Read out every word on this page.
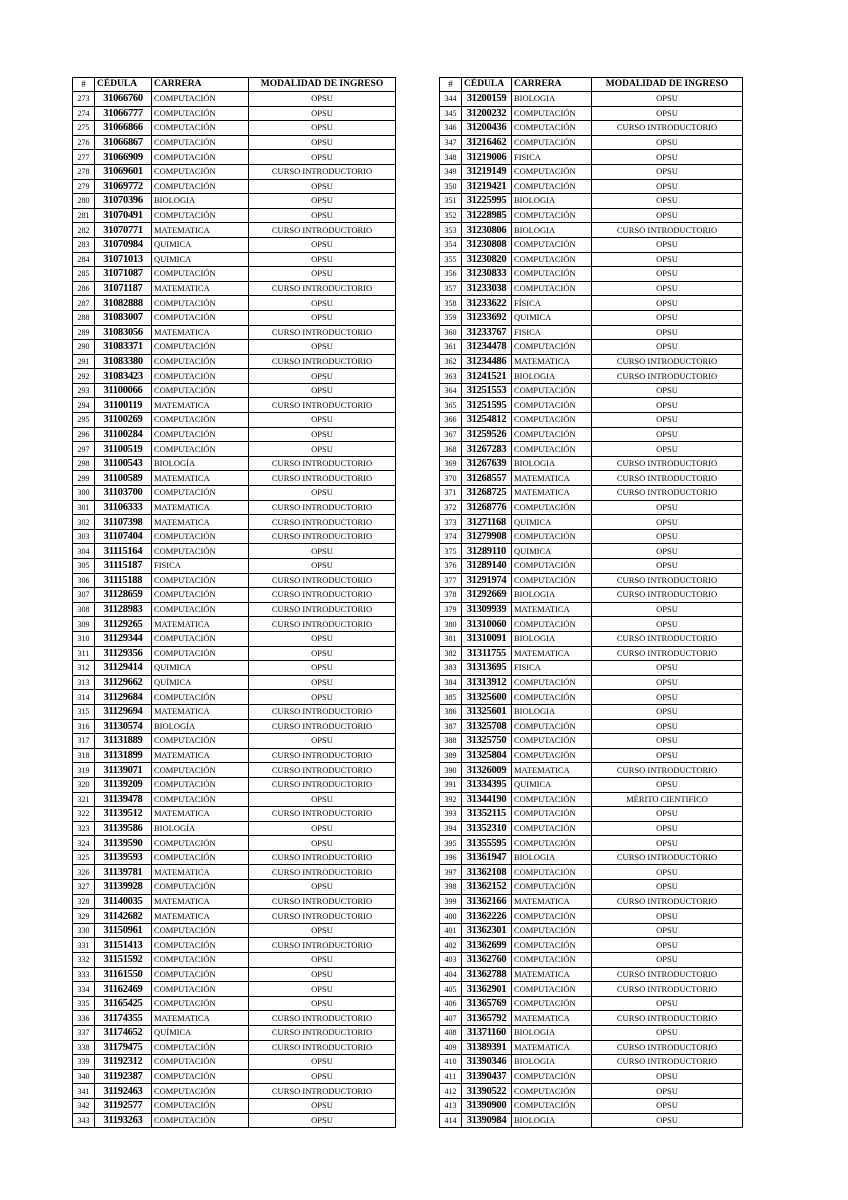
#	CÉDULA	CARRERA	MODALIDAD DE INGRESO
273	31066760	COMPUTACIÓN	OPSU
274	31066777	COMPUTACIÓN	OPSU
275	31066866	COMPUTACIÓN	OPSU
276	31066867	COMPUTACIÓN	OPSU
277	31066909	COMPUTACIÓN	OPSU
278	31069601	COMPUTACIÓN	CURSO INTRODUCTORIO
279	31069772	COMPUTACIÓN	OPSU
280	31070396	BIOLOGIA	OPSU
281	31070491	COMPUTACIÓN	OPSU
282	31070771	MATEMATICA	CURSO INTRODUCTORIO
283	31070984	QUIMICA	OPSU
284	31071013	QUIMICA	OPSU
285	31071087	COMPUTACIÓN	OPSU
286	31071187	MATEMATICA	CURSO INTRODUCTORIO
287	31082888	COMPUTACIÓN	OPSU
288	31083007	COMPUTACIÓN	OPSU
289	31083056	MATEMATICA	CURSO INTRODUCTORIO
290	31083371	COMPUTACIÓN	OPSU
291	31083380	COMPUTACIÓN	CURSO INTRODUCTORIO
292	31083423	COMPUTACIÓN	OPSU
293	31100066	COMPUTACIÓN	OPSU
294	31100119	MATEMATICA	CURSO INTRODUCTORIO
295	31100269	COMPUTACIÓN	OPSU
296	31100284	COMPUTACIÓN	OPSU
297	31100519	COMPUTACIÓN	OPSU
298	31100543	BIOLOGÍA	CURSO INTRODUCTORIO
299	31100589	MATEMATICA	CURSO INTRODUCTORIO
300	31103700	COMPUTACIÓN	OPSU
301	31106333	MATEMATICA	CURSO INTRODUCTORIO
302	31107398	MATEMATICA	CURSO INTRODUCTORIO
303	31107404	COMPUTACIÓN	CURSO INTRODUCTORIO
304	31115164	COMPUTACIÓN	OPSU
305	31115187	FISICA	OPSU
306	31115188	COMPUTACIÓN	CURSO INTRODUCTORIO
307	31128659	COMPUTACIÓN	CURSO INTRODUCTORIO
308	31128983	COMPUTACIÓN	CURSO INTRODUCTORIO
309	31129265	MATEMATICA	CURSO INTRODUCTORIO
310	31129344	COMPUTACIÓN	OPSU
311	31129356	COMPUTACIÓN	OPSU
312	31129414	QUIMICA	OPSU
313	31129662	QUÍMICA	OPSU
314	31129684	COMPUTACIÓN	OPSU
315	31129694	MATEMATICA	CURSO INTRODUCTORIO
316	31130574	BIOLOGÍA	CURSO INTRODUCTORIO
317	31131889	COMPUTACIÓN	OPSU
318	31131899	MATEMATICA	CURSO INTRODUCTORIO
319	31139071	COMPUTACIÓN	CURSO INTRODUCTORIO
320	31139209	COMPUTACIÓN	CURSO INTRODUCTORIO
321	31139478	COMPUTACIÓN	OPSU
322	31139512	MATEMATICA	CURSO INTRODUCTORIO
323	31139586	BIOLOGÍA	OPSU
324	31139590	COMPUTACIÓN	OPSU
325	31139593	COMPUTACIÓN	CURSO INTRODUCTORIO
326	31139781	MATEMATICA	CURSO INTRODUCTORIO
327	31139928	COMPUTACIÓN	OPSU
328	31140035	MATEMATICA	CURSO INTRODUCTORIO
329	31142682	MATEMATICA	CURSO INTRODUCTORIO
330	31150961	COMPUTACIÓN	OPSU
331	31151413	COMPUTACIÓN	CURSO INTRODUCTORIO
332	31151592	COMPUTACIÓN	OPSU
333	31161550	COMPUTACIÓN	OPSU
334	31162469	COMPUTACIÓN	OPSU
335	31165425	COMPUTACIÓN	OPSU
336	31174355	MATEMATICA	CURSO INTRODUCTORIO
337	31174652	QUÍMICA	CURSO INTRODUCTORIO
338	31179475	COMPUTACIÓN	CURSO INTRODUCTORIO
339	31192312	COMPUTACIÓN	OPSU
340	31192387	COMPUTACIÓN	OPSU
341	31192463	COMPUTACIÓN	CURSO INTRODUCTORIO
342	31192577	COMPUTACIÓN	OPSU
343	31193263	COMPUTACIÓN	OPSU
#	CÉDULA	CARRERA	MODALIDAD DE INGRESO
344	31200159	BIOLOGIA	OPSU
345	31200232	COMPUTACIÓN	OPSU
346	31200436	COMPUTACIÓN	CURSO INTRODUCTORIO
347	31216462	COMPUTACIÓN	OPSU
348	31219006	FISICA	OPSU
349	31219149	COMPUTACIÓN	OPSU
350	31219421	COMPUTACIÓN	OPSU
351	31225995	BIOLOGIA	OPSU
352	31228985	COMPUTACIÓN	OPSU
353	31230806	BIOLOGIA	CURSO INTRODUCTORIO
354	31230808	COMPUTACIÓN	OPSU
355	31230820	COMPUTACIÓN	OPSU
356	31230833	COMPUTACIÓN	OPSU
357	31233038	COMPUTACIÓN	OPSU
358	31233622	FÍSICA	OPSU
359	31233692	QUIMICA	OPSU
360	31233767	FISICA	OPSU
361	31234478	COMPUTACIÓN	OPSU
362	31234486	MATEMATICA	CURSO INTRODUCTORIO
363	31241521	BIOLOGIA	CURSO INTRODUCTORIO
364	31251553	COMPUTACIÓN	OPSU
365	31251595	COMPUTACIÓN	OPSU
366	31254812	COMPUTACIÓN	OPSU
367	31259526	COMPUTACIÓN	OPSU
368	31267283	COMPUTACIÓN	OPSU
369	31267639	BIOLOGIA	CURSO INTRODUCTORIO
370	31268557	MATEMATICA	CURSO INTRODUCTORIO
371	31268725	MATEMATICA	CURSO INTRODUCTORIO
372	31268776	COMPUTACIÓN	OPSU
373	31271168	QUIMICA	OPSU
374	31279908	COMPUTACIÓN	OPSU
375	31289110	QUIMICA	OPSU
376	31289140	COMPUTACIÓN	OPSU
377	31291974	COMPUTACIÓN	CURSO INTRODUCTORIO
378	31292669	BIOLOGIA	CURSO INTRODUCTORIO
379	31309939	MATEMATICA	OPSU
380	31310060	COMPUTACIÓN	OPSU
381	31310091	BIOLOGIA	CURSO INTRODUCTORIO
382	31311755	MATEMATICA	CURSO INTRODUCTORIO
383	31313695	FISICA	OPSU
384	31313912	COMPUTACIÓN	OPSU
385	31325600	COMPUTACIÓN	OPSU
386	31325601	BIOLOGIA	OPSU
387	31325708	COMPUTACIÓN	OPSU
388	31325750	COMPUTACIÓN	OPSU
389	31325804	COMPUTACIÓN	OPSU
390	31326009	MATEMATICA	CURSO INTRODUCTORIO
391	31334395	QUIMICA	OPSU
392	31344190	COMPUTACIÓN	MÉRITO CIENTIFICO
393	31352115	COMPUTACIÓN	OPSU
394	31352310	COMPUTACIÓN	OPSU
395	31355595	COMPUTACIÓN	OPSU
396	31361947	BIOLOGIA	CURSO INTRODUCTORIO
397	31362108	COMPUTACIÓN	OPSU
398	31362152	COMPUTACIÓN	OPSU
399	31362166	MATEMATICA	CURSO INTRODUCTORIO
400	31362226	COMPUTACIÓN	OPSU
401	31362301	COMPUTACIÓN	OPSU
402	31362699	COMPUTACIÓN	OPSU
403	31362760	COMPUTACIÓN	OPSU
404	31362788	MATEMATICA	CURSO INTRODUCTORIO
405	31362901	COMPUTACIÓN	CURSO INTRODUCTORIO
406	31365769	COMPUTACIÓN	OPSU
407	31365792	MATEMATICA	CURSO INTRODUCTORIO
408	31371160	BIOLOGIA	OPSU
409	31389391	MATEMATICA	CURSO INTRODUCTORIO
410	31390346	BIOLOGIA	CURSO INTRODUCTORIO
411	31390437	COMPUTACIÓN	OPSU
412	31390522	COMPUTACIÓN	OPSU
413	31390900	COMPUTACIÓN	OPSU
414	31390984	BIOLOGIA	OPSU
